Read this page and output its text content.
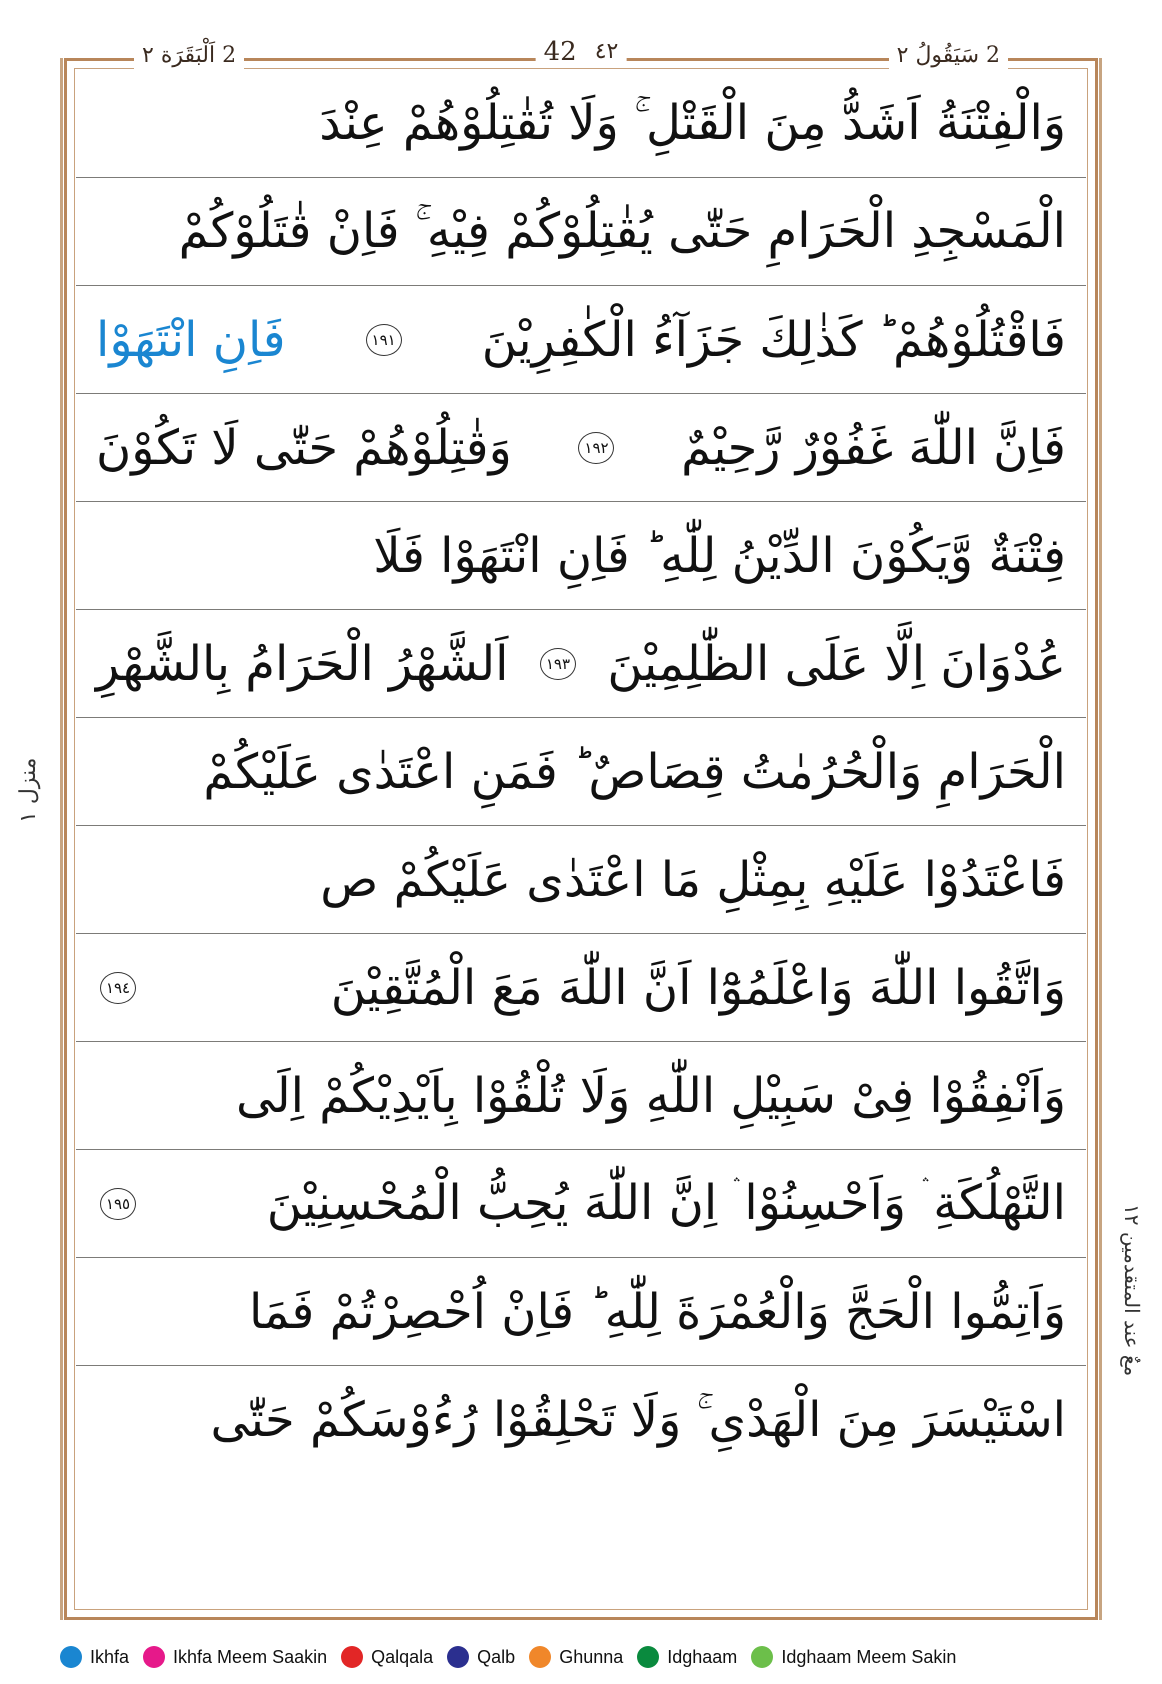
2 سَيَقُولُ ٢
42 ٤٢
2 اَلْبَقَرَة ٢
منزل ١
معٌ عند المتقدمين ١٢
وَالْفِتْنَةُ اَشَدُّ مِنَ الْقَتْلِ ۚ وَلَا تُقٰتِلُوْهُمْ عِنْدَ
الْمَسْجِدِ الْحَرَامِ حَتّٰى يُقٰتِلُوْكُمْ فِيْهِ ۚ فَاِنْ قٰتَلُوْكُمْ
فَاقْتُلُوْهُمْ ؕ كَذٰلِكَ جَزَآءُ الْكٰفِرِيْنَ
١٩١
فَاِنِ انْتَهَوْا
فَاِنَّ اللّٰهَ غَفُوْرٌ رَّحِيْمٌ
١٩٢
وَقٰتِلُوْهُمْ حَتّٰى لَا تَكُوْنَ
فِتْنَةٌ وَّيَكُوْنَ الدِّيْنُ لِلّٰهِ ؕ فَاِنِ انْتَهَوْا فَلَا
عُدْوَانَ اِلَّا عَلَى الظّٰلِمِيْنَ
١٩٣
اَلشَّهْرُ الْحَرَامُ بِالشَّهْرِ
الْحَرَامِ وَالْحُرُمٰتُ قِصَاصٌ ؕ فَمَنِ اعْتَدٰى عَلَيْكُمْ
فَاعْتَدُوْا عَلَيْهِ بِمِثْلِ مَا اعْتَدٰى عَلَيْكُمْ ص
وَاتَّقُوا اللّٰهَ وَاعْلَمُوْٓا اَنَّ اللّٰهَ مَعَ الْمُتَّقِيْنَ
١٩٤
وَاَنْفِقُوْا فِىْ سَبِيْلِ اللّٰهِ وَلَا تُلْقُوْا بِاَيْدِيْكُمْ اِلَى
التَّهْلُكَةِ ۛ وَاَحْسِنُوْا ۛ اِنَّ اللّٰهَ يُحِبُّ الْمُحْسِنِيْنَ
١٩٥
وَاَتِمُّوا الْحَجَّ وَالْعُمْرَةَ لِلّٰهِ ؕ فَاِنْ اُحْصِرْتُمْ فَمَا
اسْتَيْسَرَ مِنَ الْهَدْىِ ۚ وَلَا تَحْلِقُوْا رُءُوْسَكُمْ حَتّٰى
Ikhfa Ikhfa Meem Saakin Qalqala Qalb Ghunna Idghaam Idghaam Meem Sakin
